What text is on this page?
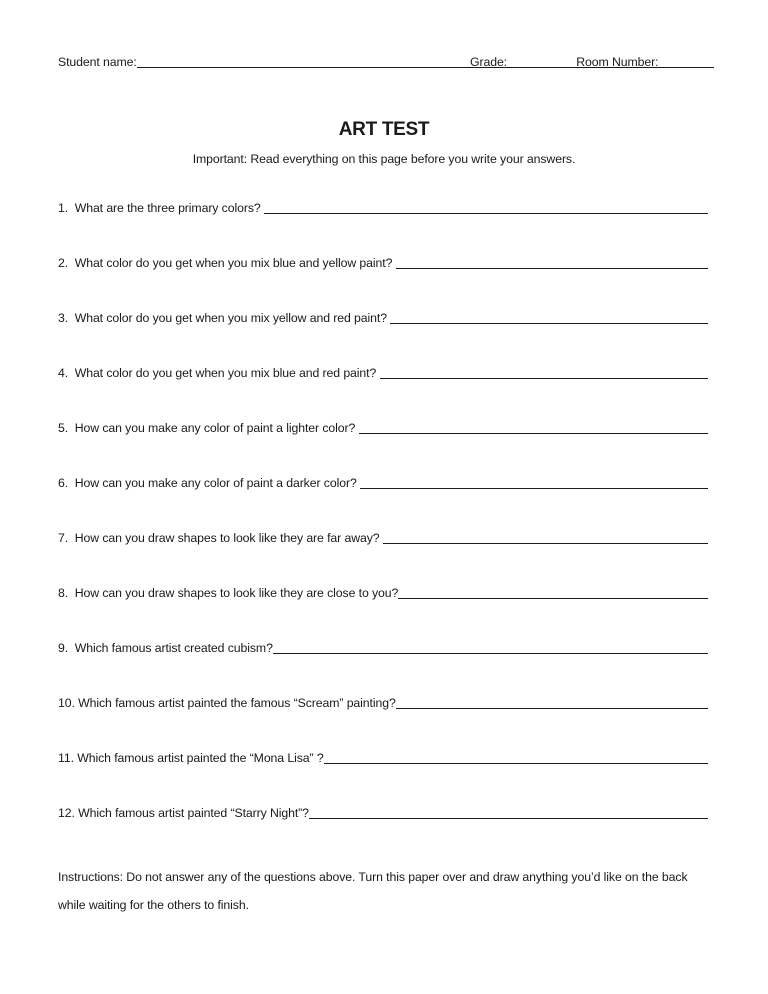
Student name:	Grade:	Room Number:
ART TEST
Important: Read everything on this page before you write your answers.
1. What are the three primary colors?
2. What color do you get when you mix blue and yellow paint?
3. What color do you get when you mix yellow and red paint?
4. What color do you get when you mix blue and red paint?
5. How can you make any color of paint a lighter color?
6. How can you make any color of paint a darker color?
7. How can you draw shapes to look like they are far away?
8. How can you draw shapes to look like they are close to you?
9. Which famous artist created cubism?
10. Which famous artist painted the famous “Scream” painting?
11. Which famous artist painted the “Mona Lisa” ?
12. Which famous artist painted “Starry Night”?
Instructions: Do not answer any of the questions above. Turn this paper over and draw anything you’d like on the back while waiting for the others to finish.
